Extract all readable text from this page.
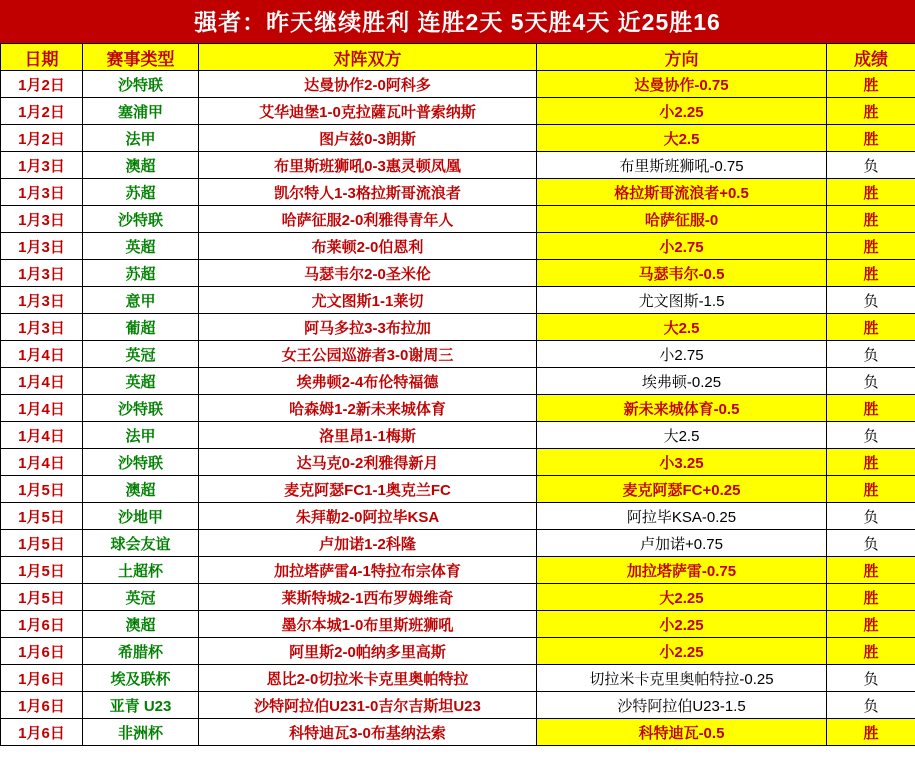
强者：昨天继续胜利 连胜2天 5天胜4天 近25胜16
日期	赛事类型	对阵双方	方向	成绩
1月2日	沙特联	达曼协作2-0阿科多	达曼协作-0.75	胜
1月2日	塞浦甲	艾华迪堡1-0克拉薩瓦叶普索纳斯	小2.25	胜
1月2日	法甲	图卢兹0-3朗斯	大2.5	胜
1月3日	澳超	布里斯班狮吼0-3惠灵顿凤凰	布里斯班狮吼-0.75	负
1月3日	苏超	凯尔特人1-3格拉斯哥流浪者	格拉斯哥流浪者+0.5	胜
1月3日	沙特联	哈萨征服2-0利雅得青年人	哈萨征服-0	胜
1月3日	英超	布莱顿2-0伯恩利	小2.75	胜
1月3日	苏超	马瑟韦尔2-0圣米伦	马瑟韦尔-0.5	胜
1月3日	意甲	尤文图斯1-1莱切	尤文图斯-1.5	负
1月3日	葡超	阿马多拉3-3布拉加	大2.5	胜
1月4日	英冠	女王公园巡游者3-0谢周三	小2.75	负
1月4日	英超	埃弗顿2-4布伦特福德	埃弗顿-0.25	负
1月4日	沙特联	哈森姆1-2新未来城体育	新未来城体育-0.5	胜
1月4日	法甲	洛里昂1-1梅斯	大2.5	负
1月4日	沙特联	达马克0-2利雅得新月	小3.25	胜
1月5日	澳超	麦克阿瑟FC1-1奥克兰FC	麦克阿瑟FC+0.25	胜
1月5日	沙地甲	朱拜勒2-0阿拉毕KSA	阿拉毕KSA-0.25	负
1月5日	球会友谊	卢加诺1-2科隆	卢加诺+0.75	负
1月5日	土超杯	加拉塔萨雷4-1特拉布宗体育	加拉塔萨雷-0.75	胜
1月5日	英冠	莱斯特城2-1西布罗姆维奇	大2.25	胜
1月6日	澳超	墨尔本城1-0布里斯班狮吼	小2.25	胜
1月6日	希腊杯	阿里斯2-0帕纳多里高斯	小2.25	胜
1月6日	埃及联杯	恩比2-0切拉米卡克里奥帕特拉	切拉米卡克里奥帕特拉-0.25	负
1月6日	亚青 U23	沙特阿拉伯U231-0吉尔吉斯坦U23	沙特阿拉伯U23-1.5	负
1月6日	非洲杯	科特迪瓦3-0布基纳法索	科特迪瓦-0.5	胜
